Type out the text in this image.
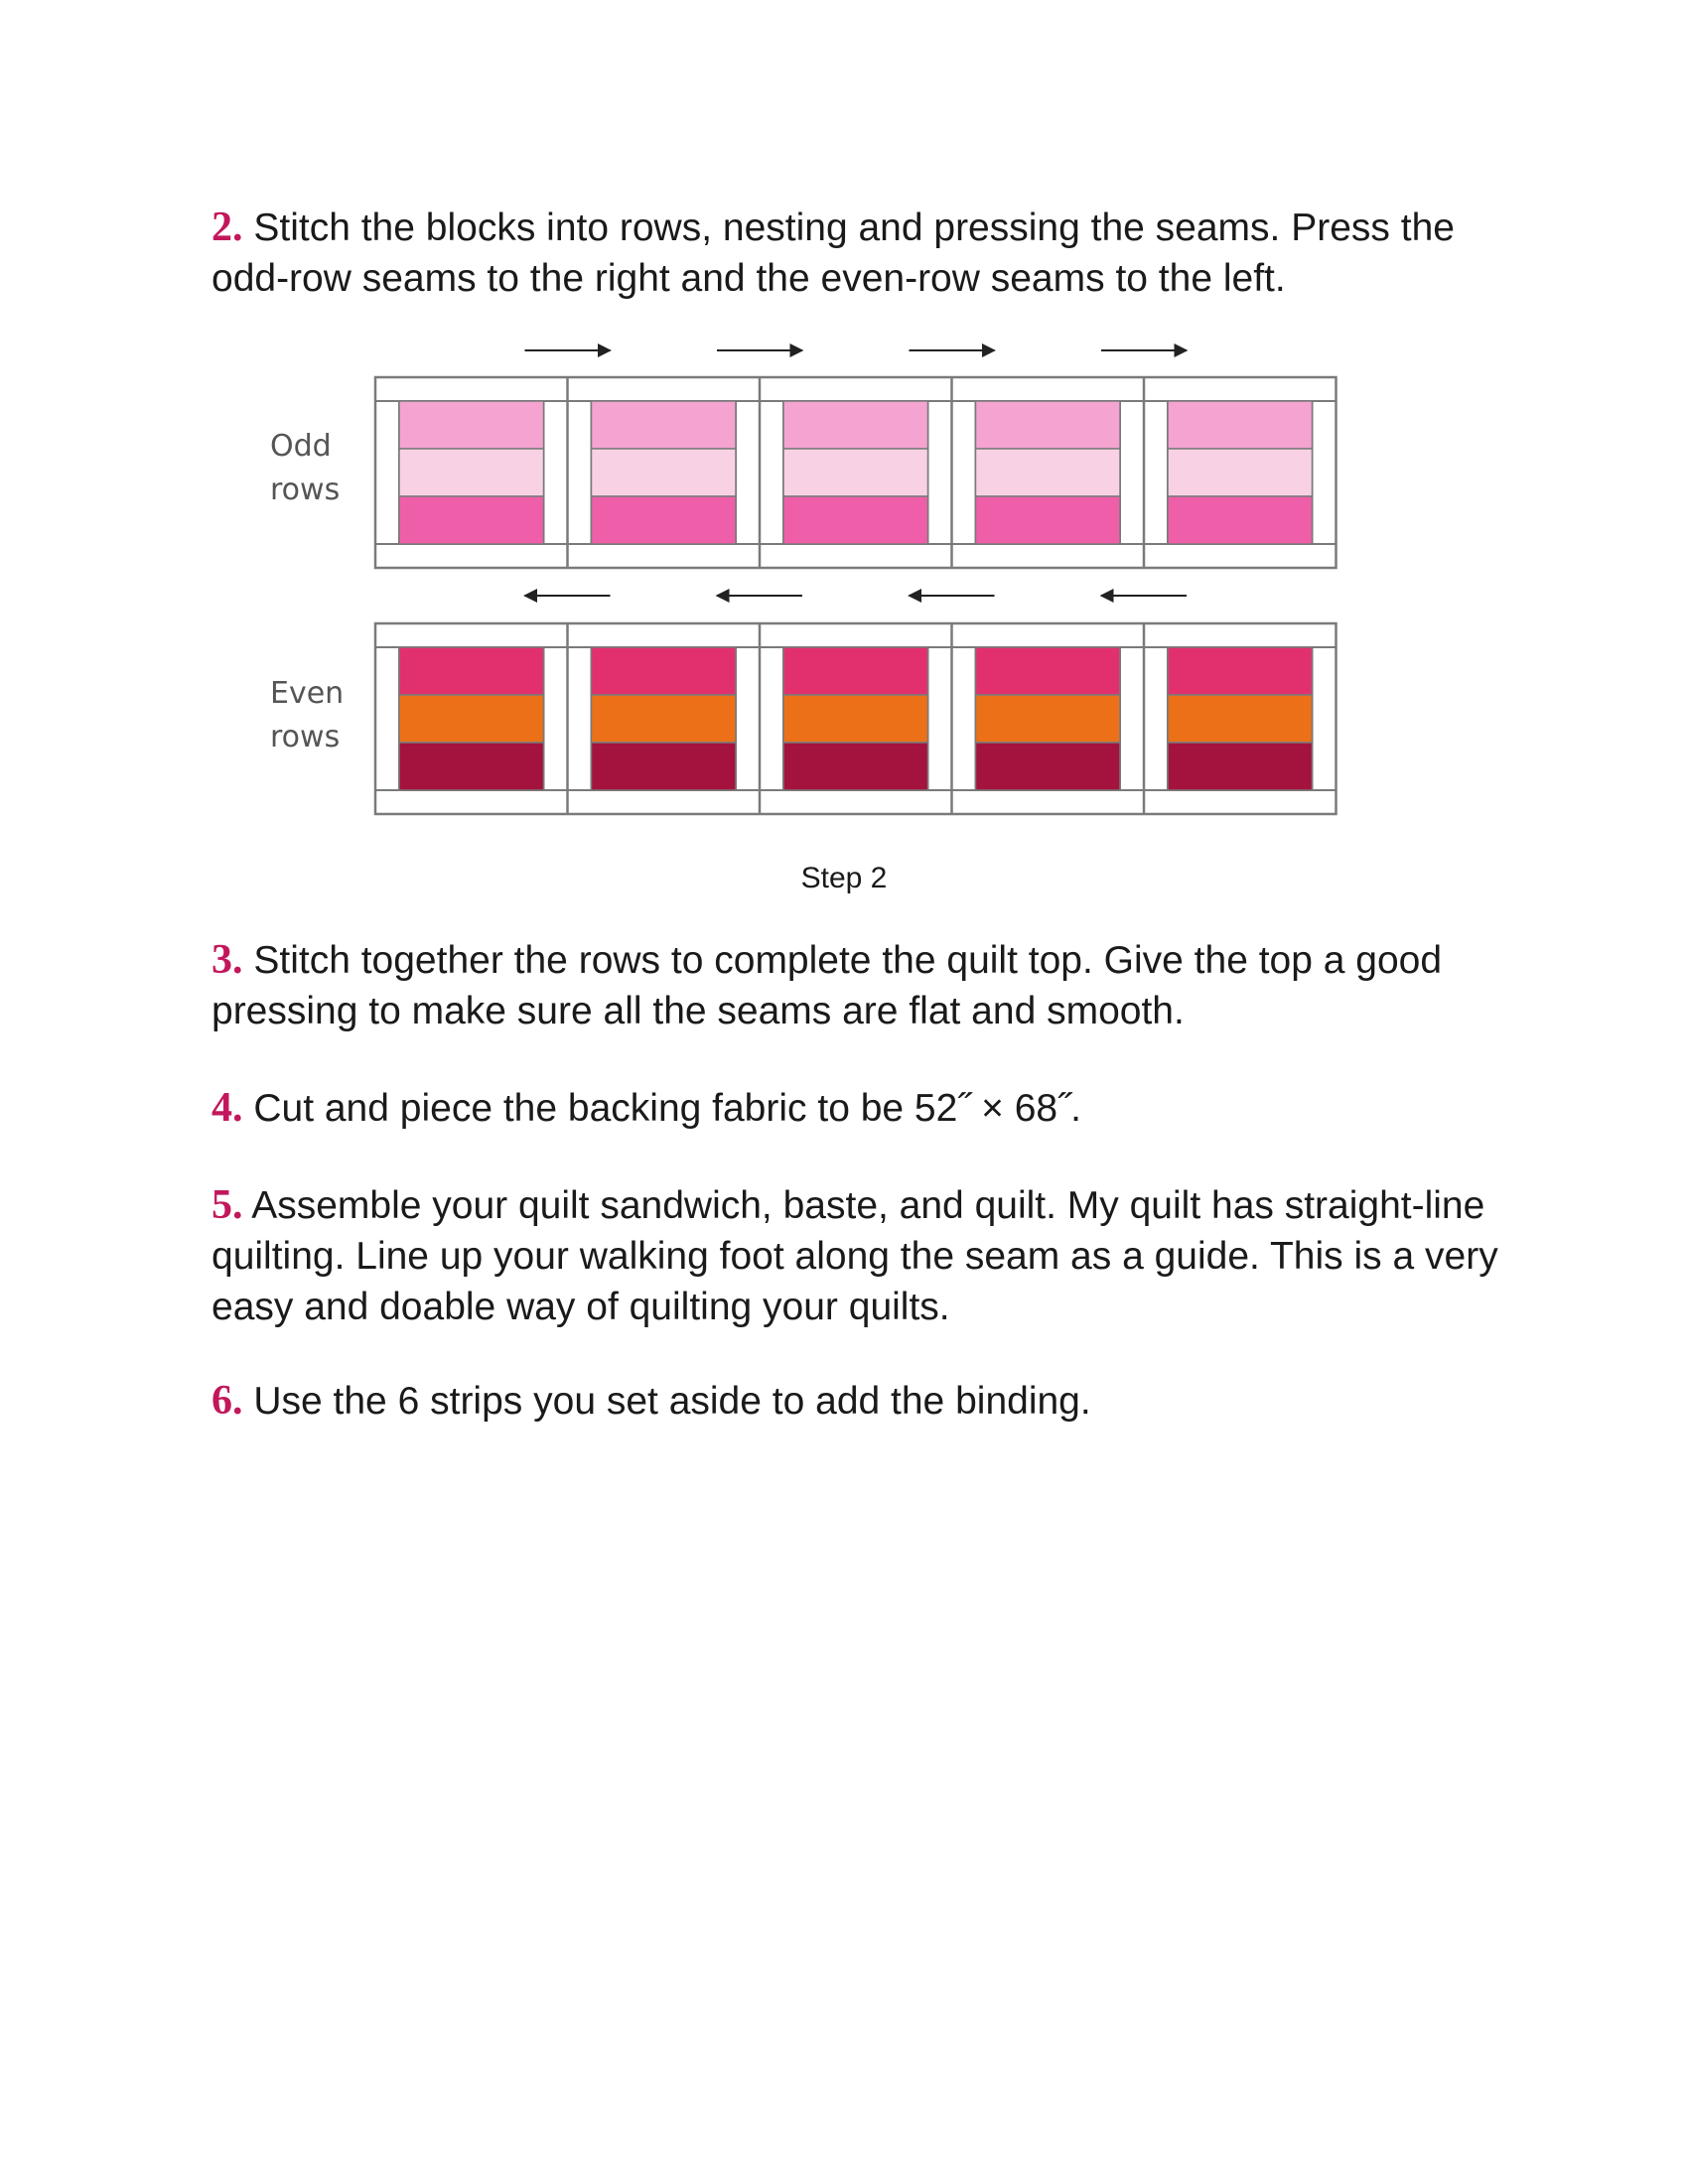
2. Stitch the blocks into rows, nesting and pressing the seams. Press the odd-row seams to the right and the even-row seams to the left.

Odd
rows
Even
rows

Step 2

3. Stitch together the rows to complete the quilt top. Give the top a good pressing to make sure all the seams are flat and smooth.

4. Cut and piece the backing fabric to be 52˝ × 68˝.

5. Assemble your quilt sandwich, baste, and quilt. My quilt has straight-line quilting. Line up your walking foot along the seam as a guide. This is a very easy and doable way of quilting your quilts.

6. Use the 6 strips you set aside to add the binding.
